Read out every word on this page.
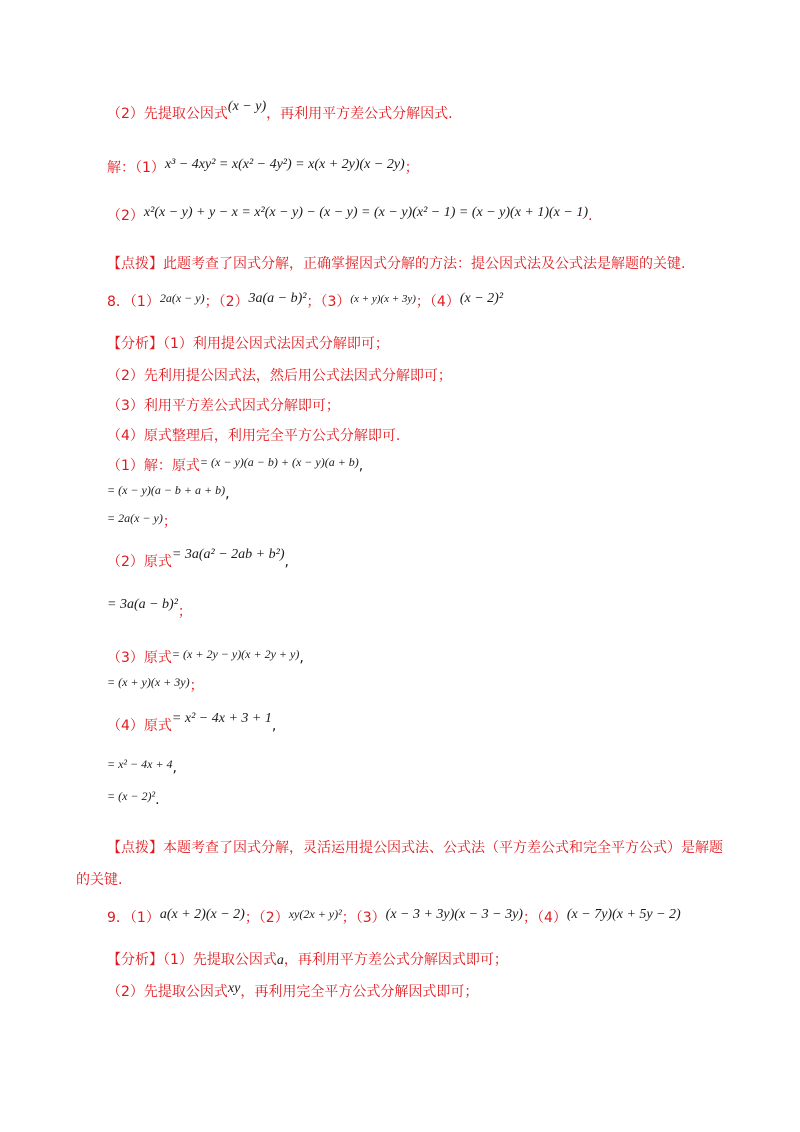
（2）先提取公因式(x − y)，再利用平方差公式分解因式.
解：（1）x³ − 4xy² = x(x² − 4y²) = x(x + 2y)(x − 2y)；
（2）x²(x − y) + y − x = x²(x − y) − (x − y) = (x − y)(x² − 1) = (x − y)(x + 1)(x − 1).
【点拨】此题考查了因式分解，正确掌握因式分解的方法：提公因式法及公式法是解题的关键.
8．（1）2a(x − y)；（2）3a(a − b)²；$(3)^{(x + y)(x + 3y)}$；（4）(x − 2)²
【分析】（1）利用提公因式法因式分解即可；
（2）先利用提公因式法，然后用公式法因式分解即可；
（3）利用平方差公式因式分解即可；
（4）原式整理后，利用完全平方公式分解即可.
（1）解：原式= (x − y)(a − b) + (x − y)(a + b),
= (x − y)(a − b + a + b),
= 2a(x − y)；
（2）原式= 3a(a² − 2ab + b²),
= 3a(a − b)²；
（3）原式= (x + 2y − y)(x + 2y + y),
= (x + y)(x + 3y)；
（4）原式= x² − 4x + 3 + 1,
= x² − 4x + 4,
= (x − 2)².
【点拨】本题考查了因式分解，灵活运用提公因式法、公式法（平方差公式和完全平方公式）是解题
的关键.
9．（1）a(x + 2)(x − 2)；（2）xy(2x + y)²；（3）(x − 3 + 3y)(x − 3 − 3y)；（4）(x − 7y)(x + 5y − 2)
【分析】（1）先提取公因式a，再利用平方差公式分解因式即可；
（2）先提取公因式xy，再利用完全平方公式分解因式即可；
